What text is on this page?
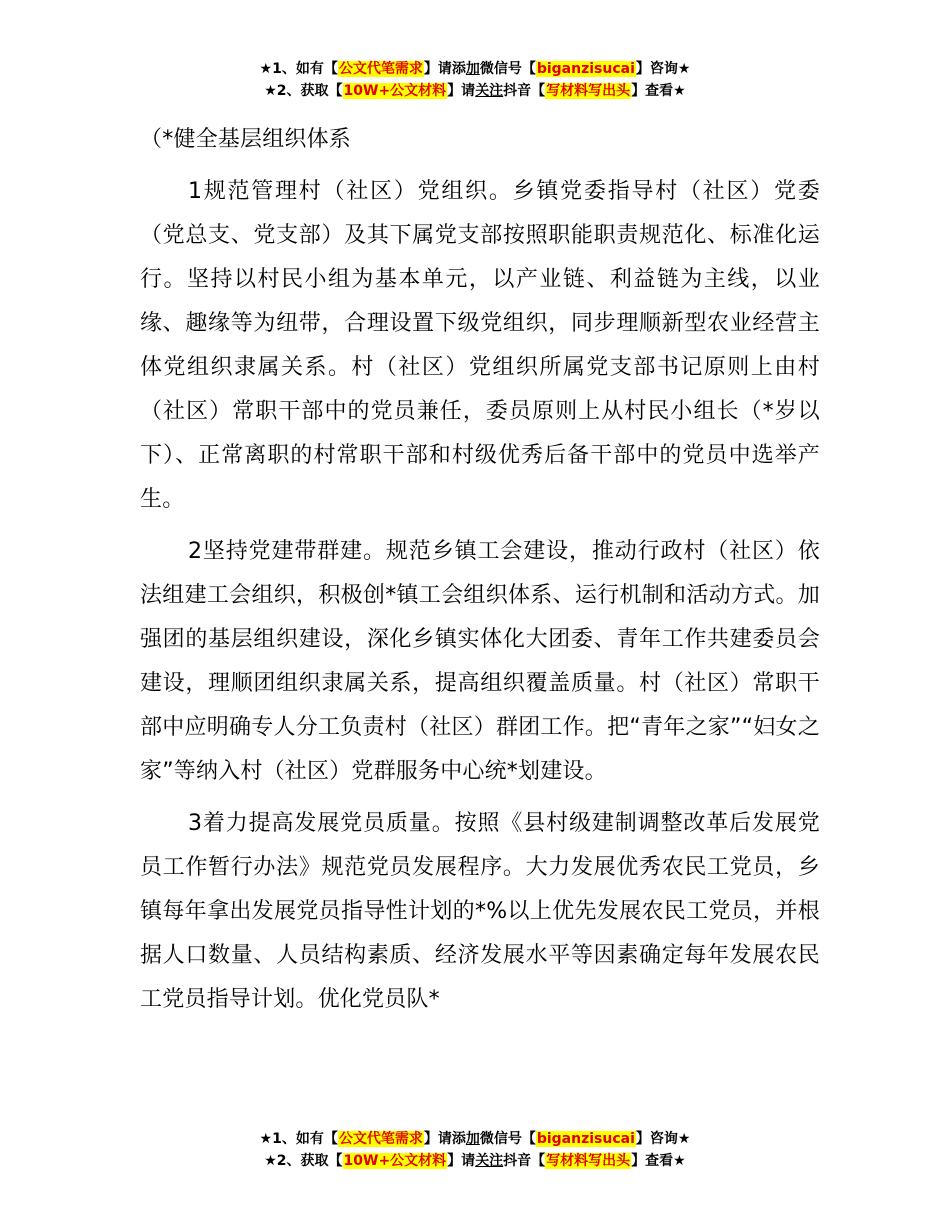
★1、如有【公文代笔需求】请添加微信号【biganzisucai】咨询★
★2、获取【10W+公文材料】请关注抖音【写材料写出头】查看★

（*健全基层组织体系

1规范管理村（社区）党组织。乡镇党委指导村（社区）党委（党总支、党支部）及其下属党支部按照职能职责规范化、标准化运行。坚持以村民小组为基本单元，以产业链、利益链为主线，以业缘、趣缘等为纽带，合理设置下级党组织，同步理顺新型农业经营主体党组织隶属关系。村（社区）党组织所属党支部书记原则上由村（社区）常职干部中的党员兼任，委员原则上从村民小组长（*岁以下）、正常离职的村常职干部和村级优秀后备干部中的党员中选举产生。

2坚持党建带群建。规范乡镇工会建设，推动行政村（社区）依法组建工会组织，积极创*镇工会组织体系、运行机制和活动方式。加强团的基层组织建设，深化乡镇实体化大团委、青年工作共建委员会建设，理顺团组织隶属关系，提高组织覆盖质量。村（社区）常职干部中应明确专人分工负责村（社区）群团工作。把“青年之家”“妇女之家”等纳入村（社区）党群服务中心统*划建设。

3着力提高发展党员质量。按照《县村级建制调整改革后发展党员工作暂行办法》规范党员发展程序。大力发展优秀农民工党员，乡镇每年拿出发展党员指导性计划的*%以上优先发展农民工党员，并根据人口数量、人员结构素质、经济发展水平等因素确定每年发展农民工党员指导计划。优化党员队*

★1、如有【公文代笔需求】请添加微信号【biganzisucai】咨询★
★2、获取【10W+公文材料】请关注抖音【写材料写出头】查看★
